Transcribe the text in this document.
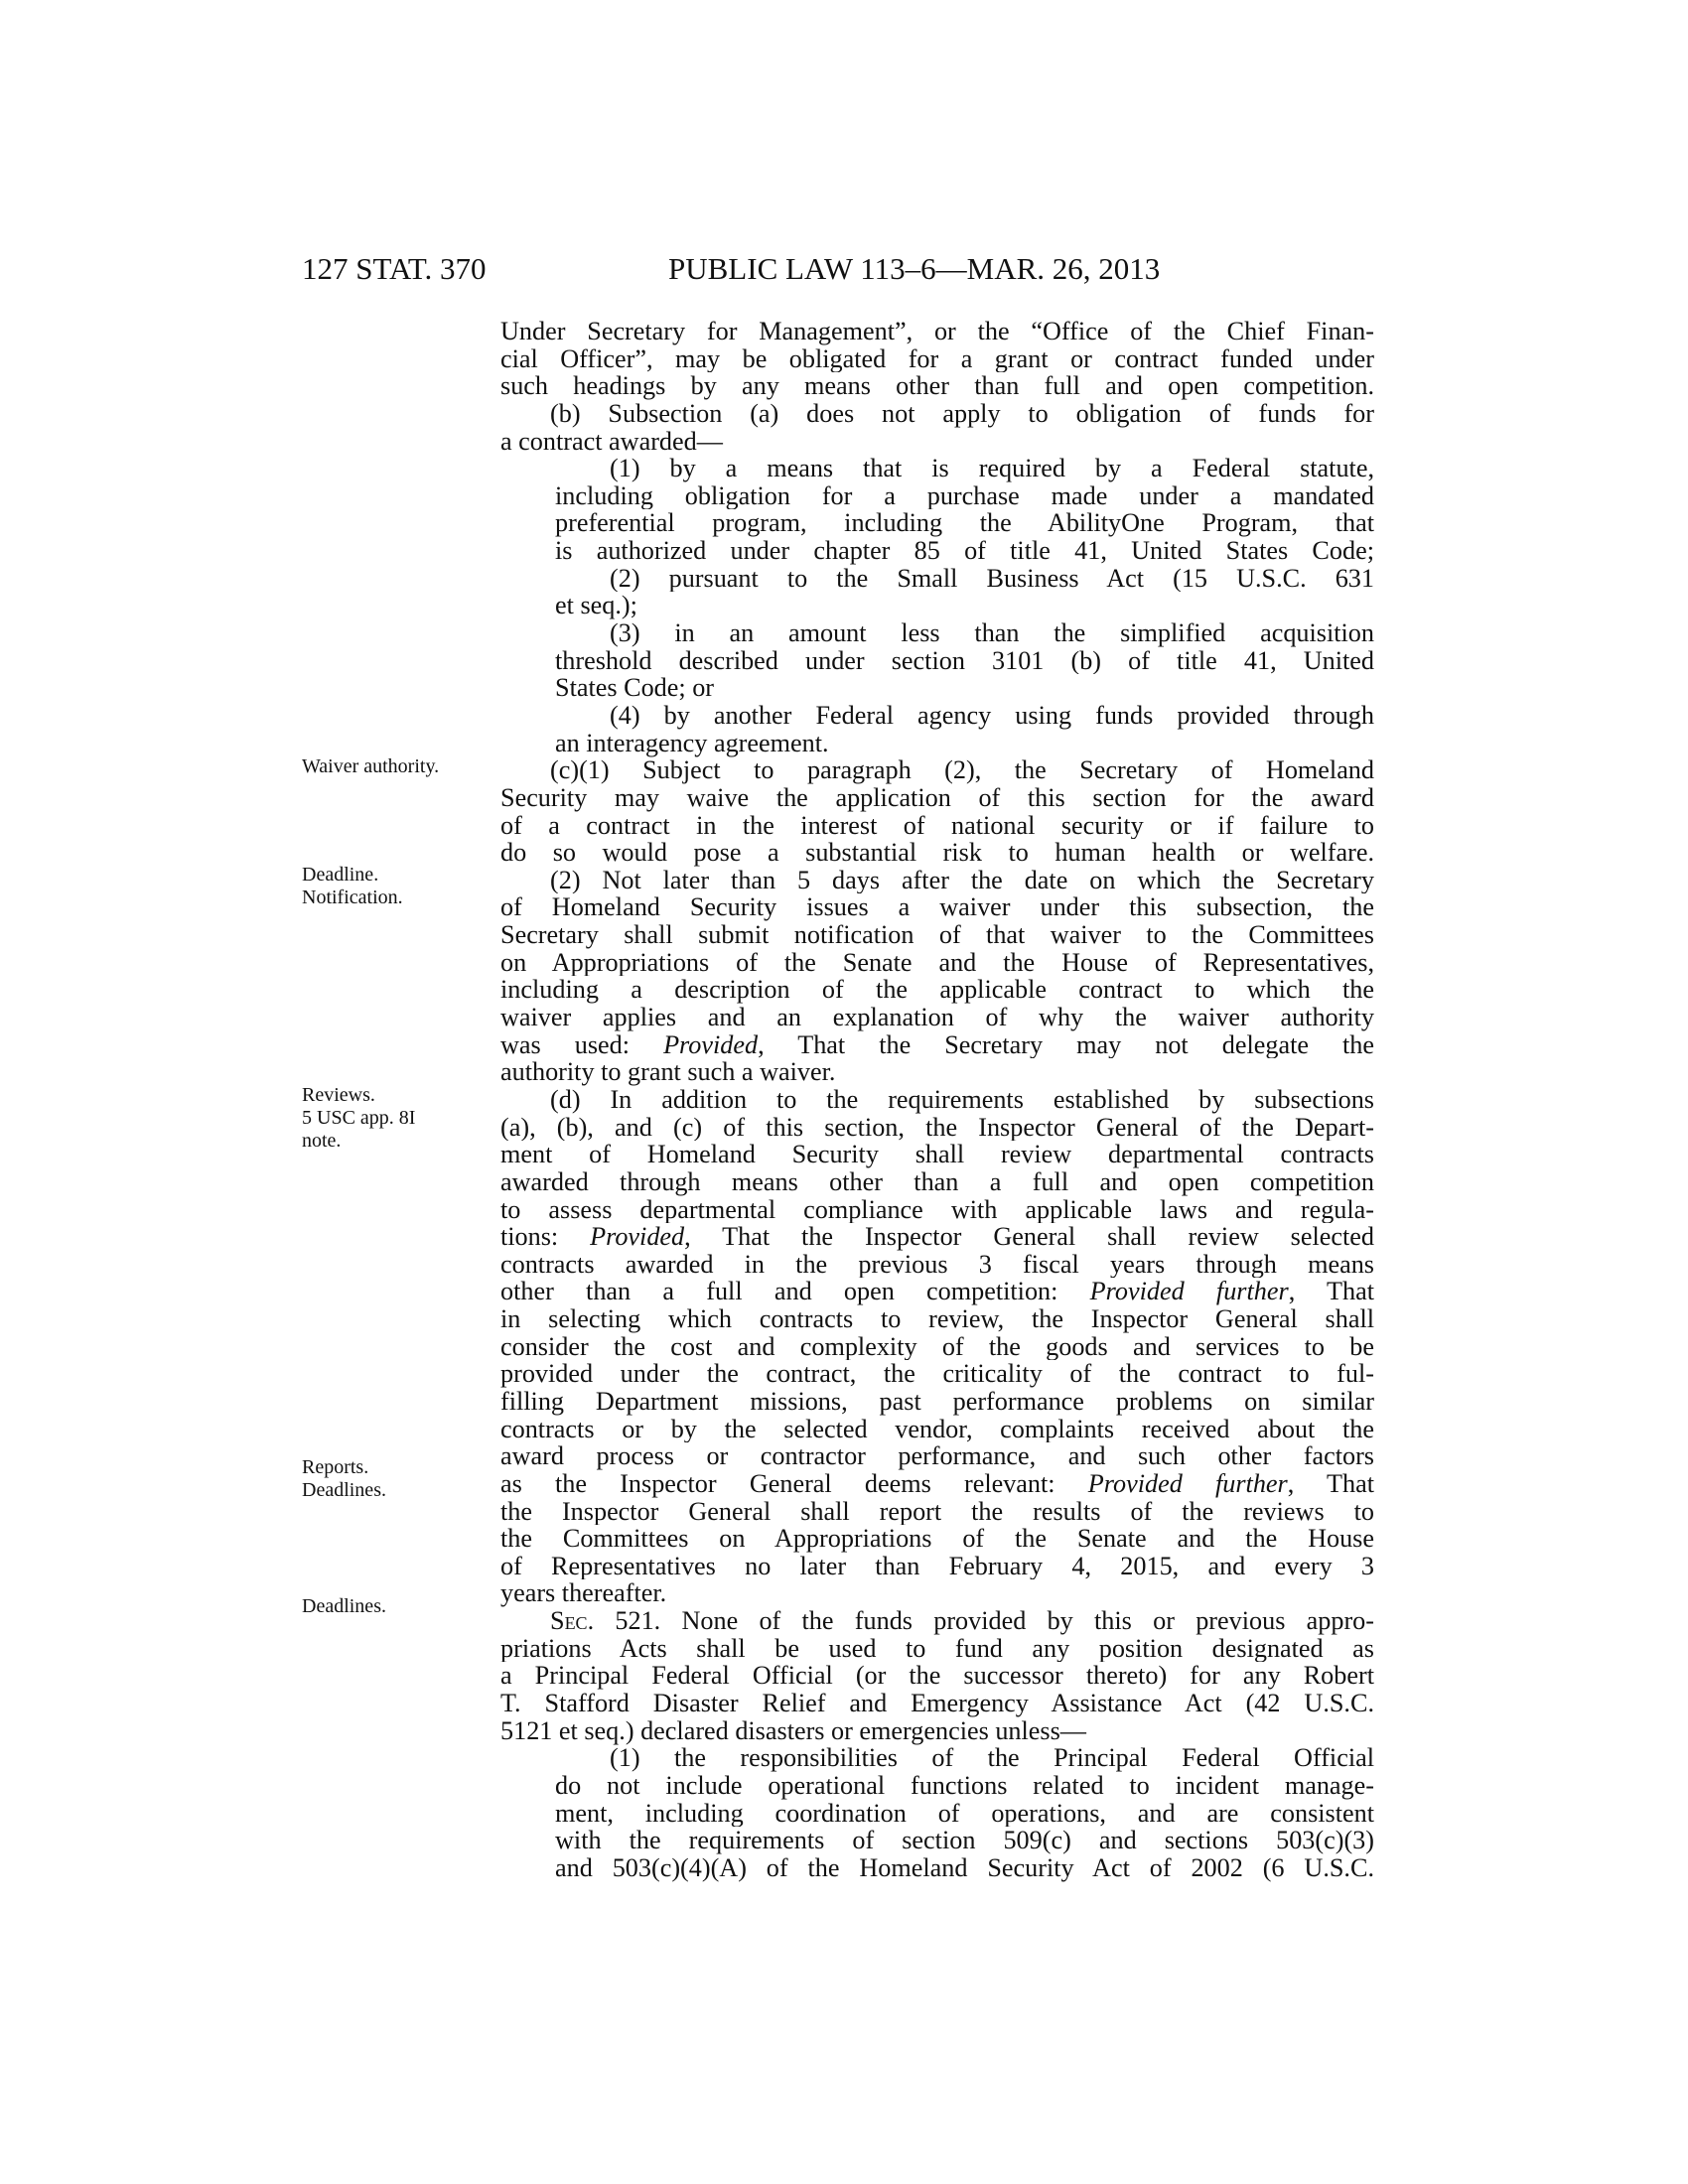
127 STAT. 370	PUBLIC LAW 113–6—MAR. 26, 2013
Waiver authority.
Deadline.
Notification.
Reviews.
5 USC app. 8I
note.
Reports.
Deadlines.
Deadlines.
Under Secretary for Management”, or the “Office of the Chief Finan-
cial Officer”, may be obligated for a grant or contract funded under
such headings by any means other than full and open competition.
(b) Subsection (a) does not apply to obligation of funds for
a contract awarded—
(1) by a means that is required by a Federal statute,
including obligation for a purchase made under a mandated
preferential program, including the AbilityOne Program, that
is authorized under chapter 85 of title 41, United States Code;
(2) pursuant to the Small Business Act (15 U.S.C. 631
et seq.);
(3) in an amount less than the simplified acquisition
threshold described under section 3101 (b) of title 41, United
States Code; or
(4) by another Federal agency using funds provided through
an interagency agreement.
(c)(1) Subject to paragraph (2), the Secretary of Homeland
Security may waive the application of this section for the award
of a contract in the interest of national security or if failure to
do so would pose a substantial risk to human health or welfare.
(2) Not later than 5 days after the date on which the Secretary
of Homeland Security issues a waiver under this subsection, the
Secretary shall submit notification of that waiver to the Committees
on Appropriations of the Senate and the House of Representatives,
including a description of the applicable contract to which the
waiver applies and an explanation of why the waiver authority
was used: Provided, That the Secretary may not delegate the
authority to grant such a waiver.
(d) In addition to the requirements established by subsections
(a), (b), and (c) of this section, the Inspector General of the Depart-
ment of Homeland Security shall review departmental contracts
awarded through means other than a full and open competition
to assess departmental compliance with applicable laws and regula-
tions: Provided, That the Inspector General shall review selected
contracts awarded in the previous 3 fiscal years through means
other than a full and open competition: Provided further, That
in selecting which contracts to review, the Inspector General shall
consider the cost and complexity of the goods and services to be
provided under the contract, the criticality of the contract to ful-
filling Department missions, past performance problems on similar
contracts or by the selected vendor, complaints received about the
award process or contractor performance, and such other factors
as the Inspector General deems relevant: Provided further, That
the Inspector General shall report the results of the reviews to
the Committees on Appropriations of the Senate and the House
of Representatives no later than February 4, 2015, and every 3
years thereafter.
Sec. 521. None of the funds provided by this or previous appro-
priations Acts shall be used to fund any position designated as
a Principal Federal Official (or the successor thereto) for any Robert
T. Stafford Disaster Relief and Emergency Assistance Act (42 U.S.C.
5121 et seq.) declared disasters or emergencies unless—
(1) the responsibilities of the Principal Federal Official
do not include operational functions related to incident manage-
ment, including coordination of operations, and are consistent
with the requirements of section 509(c) and sections 503(c)(3)
and 503(c)(4)(A) of the Homeland Security Act of 2002 (6 U.S.C.
